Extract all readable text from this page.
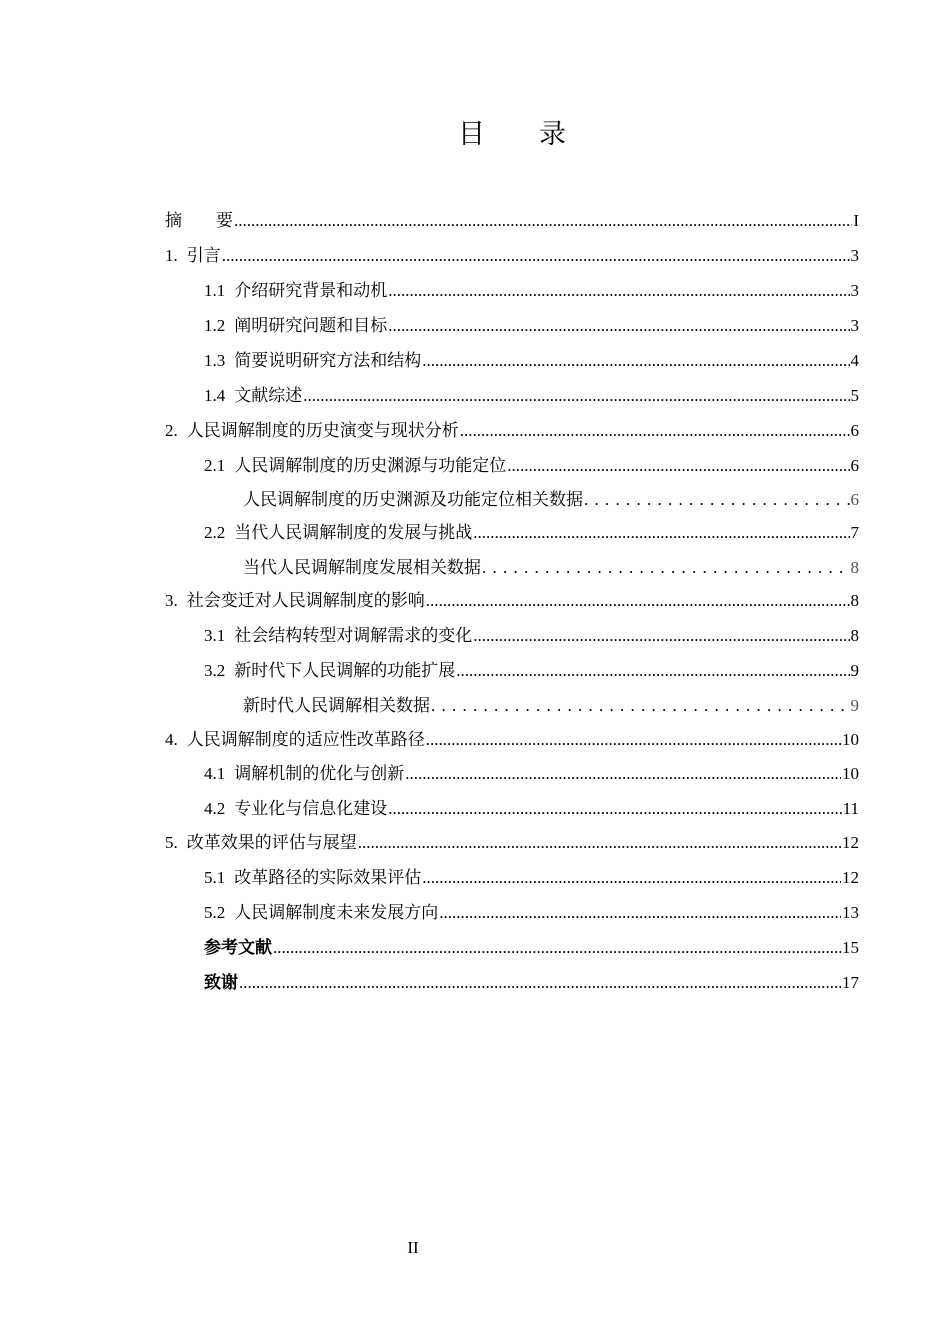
目 录
摘　　要 .....	I
1. 引言 .....	3
1.1 介绍研究背景和动机 .....	3
1.2 阐明研究问题和目标 .....	3
1.3 简要说明研究方法和结构 .....	4
1.4 文献综述 .....	5
2. 人民调解制度的历史演变与现状分析 .....	6
2.1 人民调解制度的历史渊源与功能定位 .....	6
人民调解制度的历史渊源及功能定位相关数据 . . .	6
2.2 当代人民调解制度的发展与挑战 .....	7
当代人民调解制度发展相关数据 . . .	8
3. 社会变迁对人民调解制度的影响 .....	8
3.1 社会结构转型对调解需求的变化 .....	8
3.2 新时代下人民调解的功能扩展 .....	9
新时代人民调解相关数据 . . .	9
4. 人民调解制度的适应性改革路径 .....	10
4.1 调解机制的优化与创新 .....	10
4.2 专业化与信息化建设 .....	11
5. 改革效果的评估与展望 .....	12
5.1 改革路径的实际效果评估 .....	12
5.2 人民调解制度未来发展方向 .....	13
参考文献 .....	15
致谢 .....	17
II
